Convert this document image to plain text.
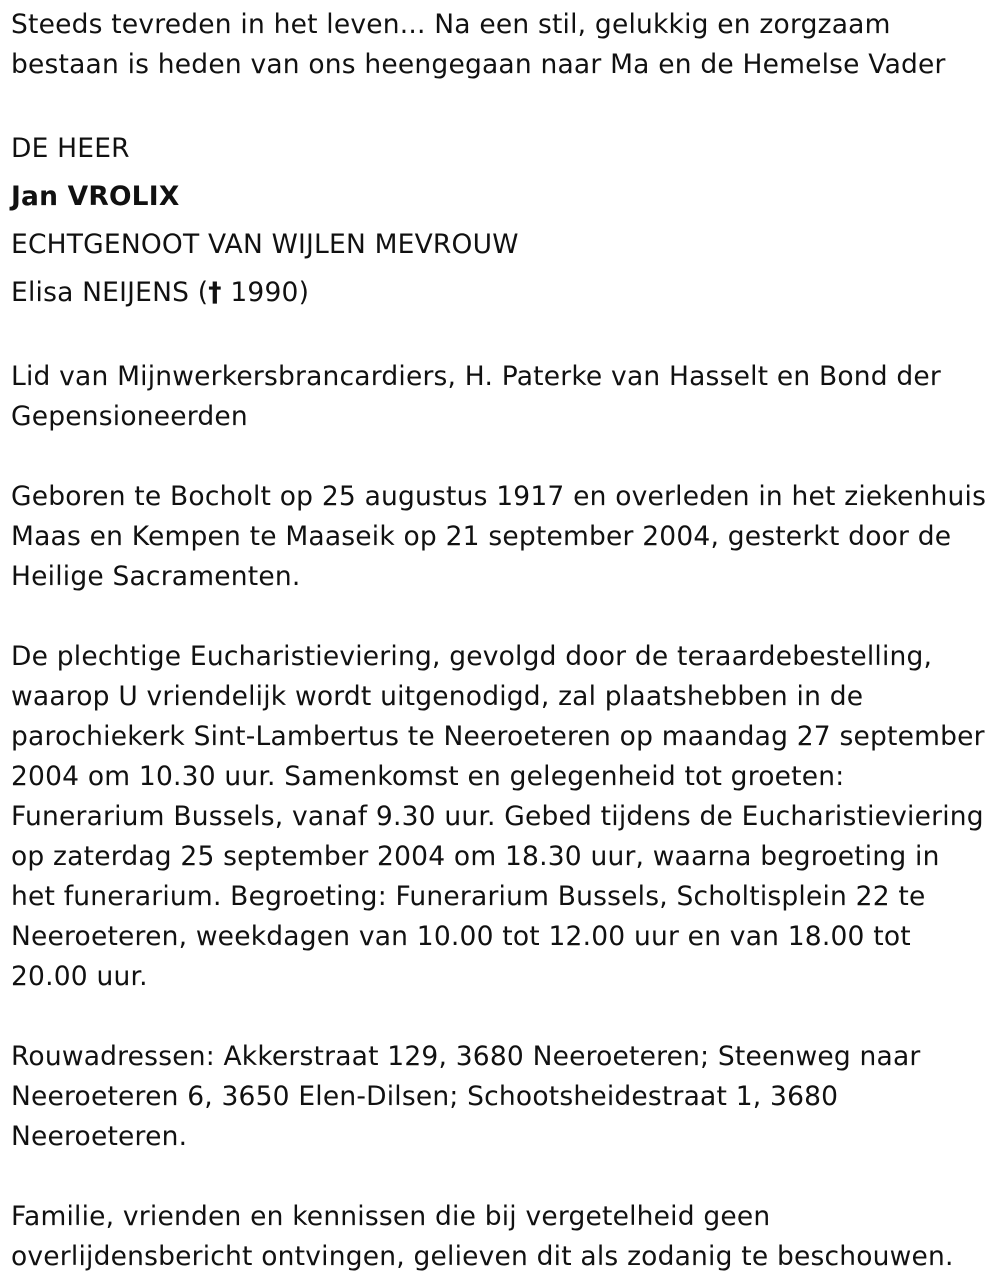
Steeds tevreden in het leven... Na een stil, gelukkig en zorgzaam bestaan is heden van ons heengegaan naar Ma en de Hemelse Vader

DE HEER

Jan VROLIX

ECHTGENOOT VAN WIJLEN MEVROUW

Elisa NEIJENS († 1990)

Lid van Mijnwerkersbrancardiers, H. Paterke van Hasselt en Bond der Gepensioneerden

Geboren te Bocholt op 25 augustus 1917 en overleden in het ziekenhuis Maas en Kempen te Maaseik op 21 september 2004, gesterkt door de Heilige Sacramenten.

De plechtige Eucharistieviering, gevolgd door de teraardebestelling, waarop U vriendelijk wordt uitgenodigd, zal plaatshebben in de parochiekerk Sint-Lambertus te Neeroeteren op maandag 27 september 2004 om 10.30 uur. Samenkomst en gelegenheid tot groeten: Funerarium Bussels, vanaf 9.30 uur. Gebed tijdens de Eucharistieviering op zaterdag 25 september 2004 om 18.30 uur, waarna begroeting in het funerarium. Begroeting: Funerarium Bussels, Scholtisplein 22 te Neeroeteren, weekdagen van 10.00 tot 12.00 uur en van 18.00 tot 20.00 uur.

Rouwadressen: Akkerstraat 129, 3680 Neeroeteren; Steenweg naar Neeroeteren 6, 3650 Elen-Dilsen; Schootsheidestraat 1, 3680 Neeroeteren.

Familie, vrienden en kennissen die bij vergetelheid geen overlijdensbericht ontvingen, gelieven dit als zodanig te beschouwen.
